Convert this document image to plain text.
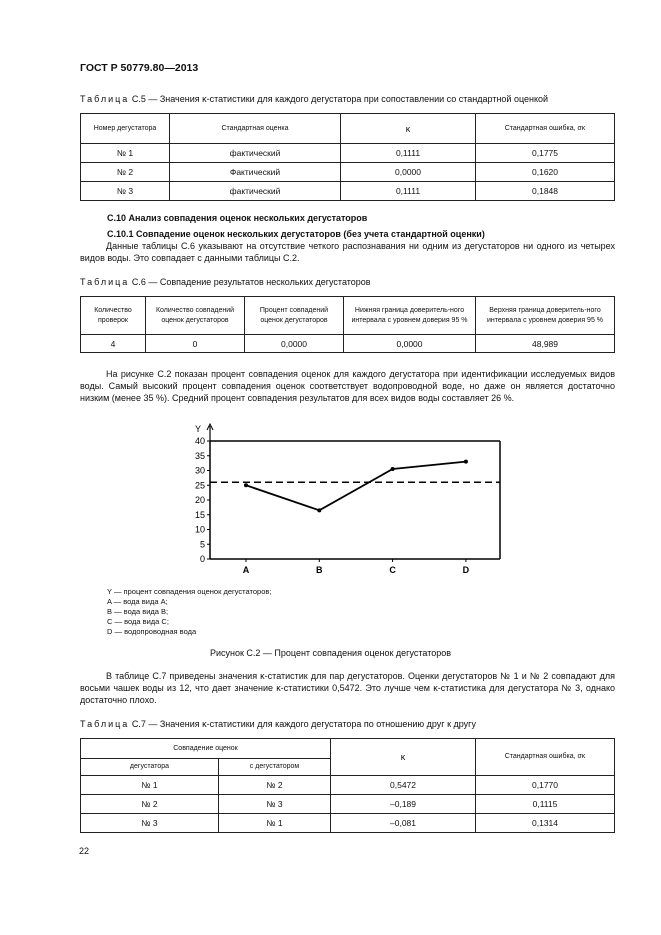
ГОСТ Р 50779.80—2013
Таблица С.5 — Значения κ-статистики для каждого дегустатора при сопоставлении со стандартной оценкой
Номер дегустатора	Стандартная оценка	κ	Стандартная ошибка, σκ
№ 1	фактический	0,1111	0,1775
№ 2	Фактический	0,0000	0,1620
№ 3	фактический	0,1111	0,1848
С.10 Анализ совпадения оценок нескольких дегустаторов
С.10.1 Совпадение оценок нескольких дегустаторов (без учета стандартной оценки)
Данные таблицы С.6 указывают на отсутствие четкого распознавания ни одним из дегустаторов ни одного из четырех видов воды. Это совпадает с данными таблицы С.2.
Таблица С.6 — Совпадение результатов нескольких дегустаторов
Количество проверок	Количество совпадений оценок дегустаторов	Процент совпадений оценок дегустаторов	Нижняя граница доверитель-ного интервала с уровнем доверия 95 %	Верхняя граница доверитель-ного интервала с уровнем доверия 95 %
4	0	0,0000	0,0000	48,989
На рисунке С.2 показан процент совпадения оценок для каждого дегустатора при идентификации исследуемых видов воды. Самый высокий процент совпадения оценок соответствует водопроводной воде, но даже он является достаточно низким (менее 35 %). Средний процент совпадения результатов для всех видов воды составляет 26 %.
Y
0
5
10
15
20
25
30
35
40
A	B	C	D
Y — процент совпадения оценок дегустаторов;
A — вода вида A;
B — вода вида B;
C — вода вида C;
D — водопроводная вода
Рисунок С.2 — Процент совпадения оценок дегустаторов
В таблице С.7 приведены значения κ-статистик для пар дегустаторов. Оценки дегустаторов № 1 и № 2 совпадают для восьми чашек воды из 12, что дает значение κ-статистики 0,5472. Это лучше чем κ-статистика для дегустатора № 3, однако достаточно плохо.
Таблица С.7 — Значения κ-статистики для каждого дегустатора по отношению друг к другу
Совпадение оценок		κ	Стандартная ошибка, σκ
дегустатора	с дегустатором		
№ 1	№ 2	0,5472	0,1770
№ 2	№ 3	–0,189	0,1115
№ 3	№ 1	–0,081	0,1314
22
